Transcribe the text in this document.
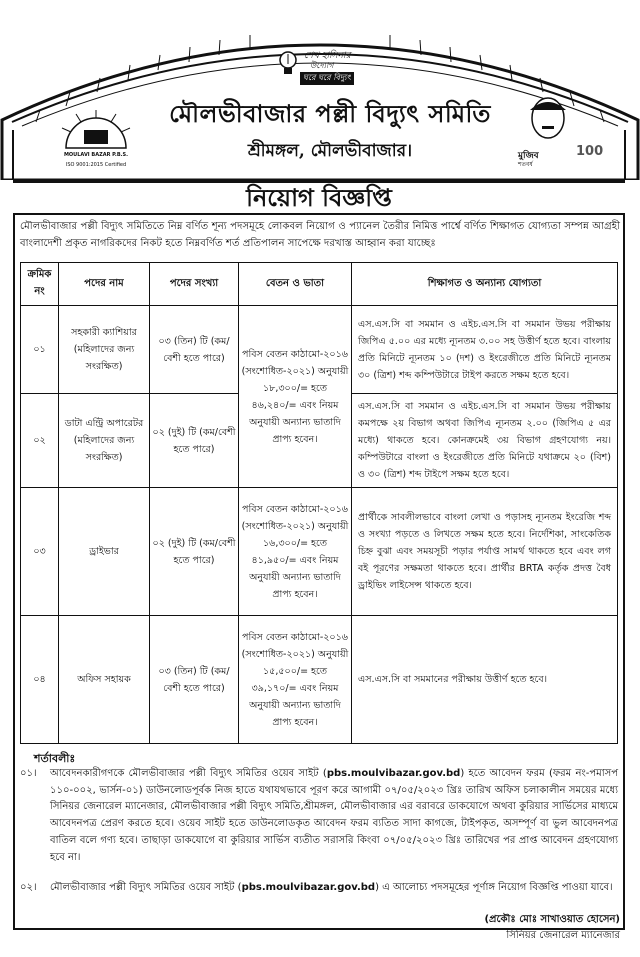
শেখ হাসিনার
উদ্যোগ
ঘরে ঘরে বিদ্যুৎ
MOULAVI BAZAR P.B.S.
ISO 9001:2015 Certified
মৌলভীবাজার পল্লী বিদ্যুৎ সমিতি
শ্রীমঙ্গল, মৌলভীবাজার।	মুজিব
শতবর্ষ
100
নিয়োগ বিজ্ঞপ্তি
মৌলভীবাজার পল্লী বিদ্যুৎ সমিতিতে নিম্ন বর্ণিত শূন্য পদসমূহে লোকবল নিয়োগ ও প্যানেল তৈরীর নিমিত্ত পার্শ্বে বর্ণিত শিক্ষাগত যোগ্যতা সম্পন্ন আগ্রহী বাংলাদেশী প্রকৃত নাগরিকদের নিকট হতে নিম্নবর্ণিত শর্ত প্রতিপালন সাপেক্ষে দরখাস্ত আহ্বান করা যাচ্ছেঃ
ক্রমিক নং	পদের নাম	পদের সংখ্যা	বেতন ও ভাতা	শিক্ষাগত ও অন্যান্য যোগ্যতা
০১	সহকারী ক্যাশিয়ার (মহিলাদের জন্য সংরক্ষিত)	০৩ (তিন) টি (কম/বেশী হতে পারে)	পবিস বেতন কাঠামো-২০১৬ (সংশোধিত-২০২১) অনুযায়ী ১৮,৩০০/= হতে ৪৬,২৪০/= এবং নিয়ম অনুযায়ী অন্যান্য ভাতাদি প্রাপ্য হবেন।	এস.এস.সি বা সমমান ও এইচ.এস.সি বা সমমান উভয় পরীক্ষায় জিপিএ ৫.০০ এর মধ্যে ন্যূনতম ৩.০০ সহ উত্তীর্ণ হতে হবে। বাংলায় প্রতি মিনিটে ন্যূনতম ১০ (দশ) ও ইংরেজীতে প্রতি মিনিটে ন্যূনতম ৩০ (ত্রিশ) শব্দ কম্পিউটারে টাইপ করতে সক্ষম হতে হবে।
০২	ডাটা এন্ট্রি অপারেটর (মহিলাদের জন্য সংরক্ষিত)	০২ (দুই) টি (কম/বেশী হতে পারে)		এস.এস.সি বা সমমান ও এইচ.এস.সি বা সমমান উভয় পরীক্ষায় কমপক্ষে ২য় বিভাগ অথবা জিপিএ ন্যূনতম ২.০০ (জিপিএ ৫ এর মধ্যে) থাকতে হবে। কোনক্রমেই ৩য় বিভাগ গ্রহণযোগ্য নয়। কম্পিউটারে বাংলা ও ইংরেজীতে প্রতি মিনিটে যথাক্রমে ২০ (বিশ) ও ৩০ (ত্রিশ) শব্দ টাইপে সক্ষম হতে হবে।
০৩	ড্রাইভার	০২ (দুই) টি (কম/বেশী হতে পারে)	পবিস বেতন কাঠামো-২০১৬ (সংশোধিত-২০২১) অনুযায়ী ১৬,৩০০/= হতে ৪১,৯৫০/= এবং নিয়ম অনুযায়ী অন্যান্য ভাতাদি প্রাপ্য হবেন।	প্রার্থীকে সাবলীলভাবে বাংলা লেখা ও পড়াসহ ন্যূনতম ইংরেজি শব্দ ও সংখ্যা পড়তে ও লিখতে সক্ষম হতে হবে। নির্দেশিকা, সাংকেতিক চিহ্ন বুঝা এবং সময়সূচী পড়ার পর্যাপ্ত সামর্থ থাকতে হবে এবং লগ বই পূরণের সক্ষমতা থাকতে হবে। প্রার্থীর BRTA কর্তৃক প্রদত্ত বৈধ ড্রাইভিং লাইসেন্স থাকতে হবে।
০৪	অফিস সহায়ক	০৩ (তিন) টি (কম/বেশী হতে পারে)	পবিস বেতন কাঠামো-২০১৬ (সংশোধিত-২০২১) অনুযায়ী ১৫,৫০০/= হতে ৩৯,১৭০/= এবং নিয়ম অনুযায়ী অন্যান্য ভাতাদি প্রাপ্য হবেন।	এস.এস.সি বা সমমানের পরীক্ষায় উত্তীর্ণ হতে হবে।
শর্তাবলীঃ
০১। আবেদনকারীগণকে মৌলভীবাজার পল্লী বিদ্যুৎ সমিতির ওয়েব সাইট (pbs.moulvibazar.gov.bd) হতে আবেদন ফরম (ফরম নং-পমাসপ ১১০-০০২, ভার্সন-০১) ডাউনলোডপূর্বক নিজ হাতে যথাযথভাবে পূরণ করে আগামী ০৭/০৫/২০২৩ খ্রিঃ তারিখ অফিস চলাকালীন সময়ের মধ্যে সিনিয়র জেনারেল ম্যানেজার, মৌলভীবাজার পল্লী বিদ্যুৎ সমিতি,শ্রীমঙ্গল, মৌলভীবাজার এর বরাবরে ডাকযোগে অথবা কুরিয়ার সার্ভিসের মাধ্যমে আবেদনপত্র প্রেরণ করতে হবে। ওয়েব সাইট হতে ডাউনলোডকৃত আবেদন ফরম ব্যতিত সাদা কাগজে, টাইপকৃত, অসম্পূর্ণ বা ভুল আবেদনপত্র বাতিল বলে গণ্য হবে। তাছাড়া ডাকযোগে বা কুরিয়ার সার্ভিস ব্যতীত সরাসরি কিংবা ০৭/০৫/২০২৩ খ্রিঃ তারিখের পর প্রাপ্ত আবেদন গ্রহণযোগ্য হবে না।
০২। মৌলভীবাজার পল্লী বিদ্যুৎ সমিতির ওয়েব সাইট (pbs.moulvibazar.gov.bd) এ আলোচ্য পদসমূহের পূর্ণাঙ্গ নিয়োগ বিজ্ঞপ্তি পাওয়া যাবে।
(প্রকৌঃ মোঃ সাখাওয়াত হোসেন)
সিনিয়র জেনারেল ম্যানেজার
